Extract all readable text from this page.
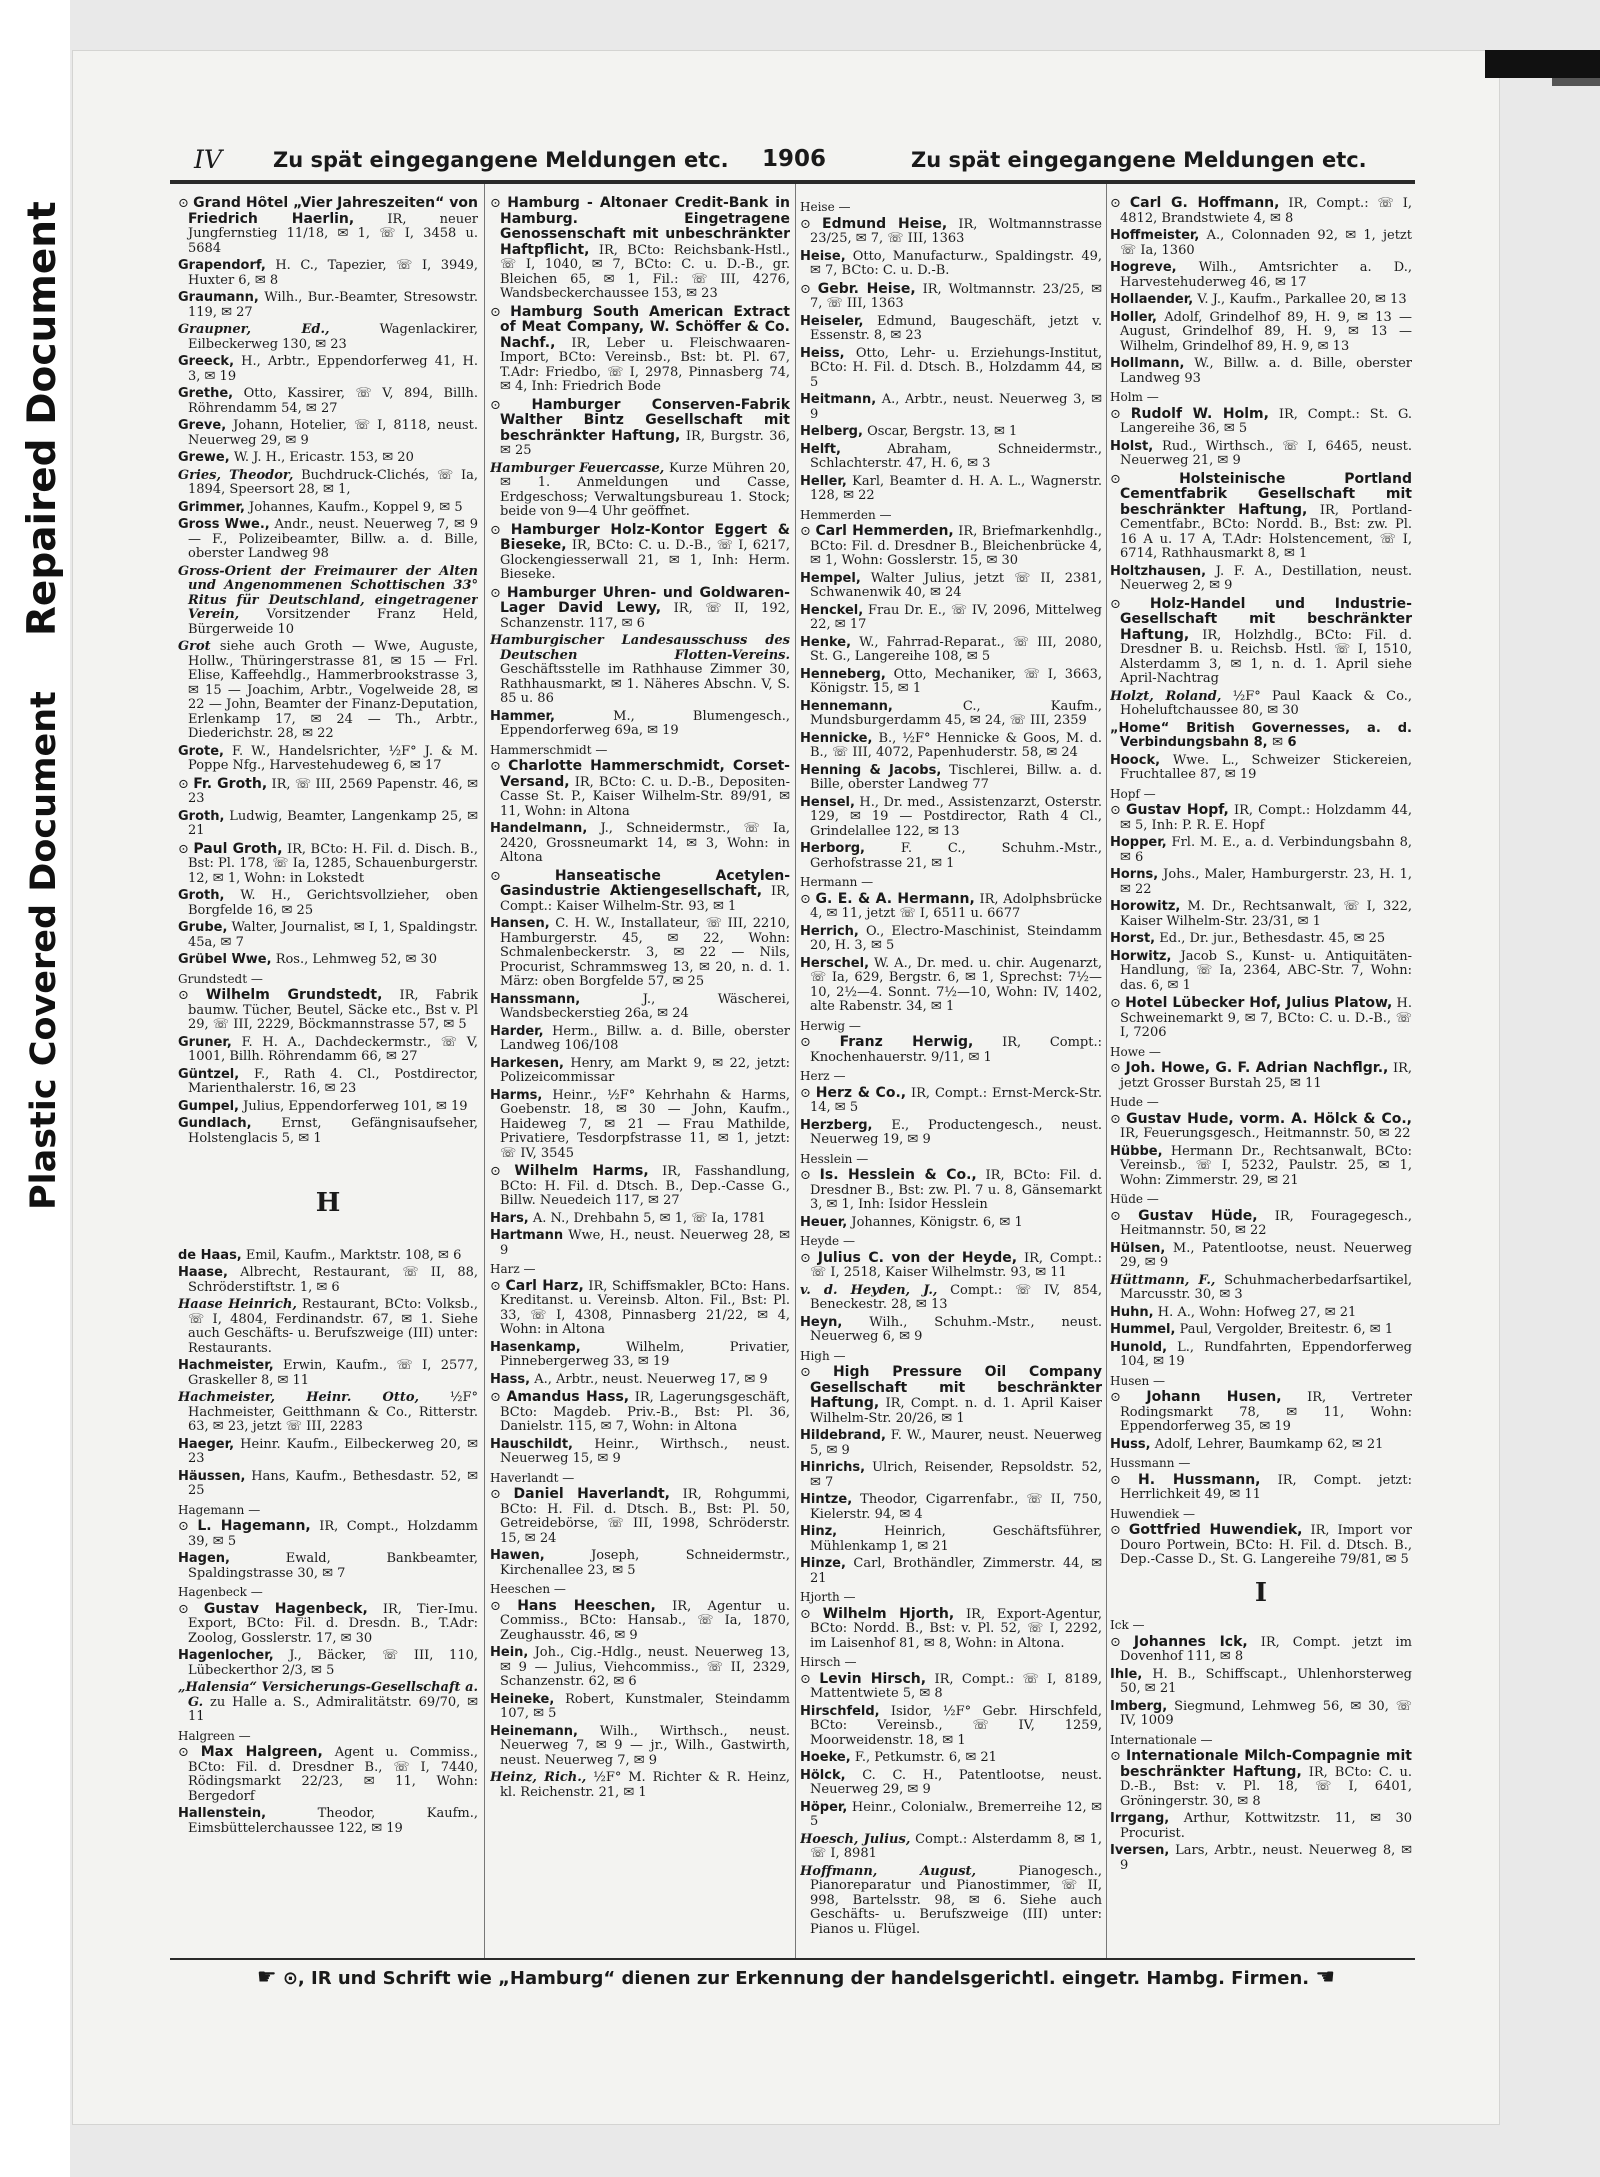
Plastic Covered DocumentRepaired Document
IV Zu spät eingegangene Meldungen etc. 1906	Zu spät eingegangene Meldungen etc.
⊙ Grand Hôtel „Vier Jahreszeiten“ von Friedrich Haerlin,	IR, neuer Jungfernstieg 11/18, ✉ 1, ☏ I, 3458 u. 5684
Grapendorf, H. C., Tapezier, ☏ I, 3949, Huxter 6, ✉ 8
Graumann, Wilh., Bur.-Beamter, Stresowstr. 119, ✉ 27
Graupner, Ed.,	Wagenlackirer, Eilbeckerweg 130, ✉ 23
Greeck, H., Arbtr., Eppendorferweg 41, H. 3, ✉ 19
Grethe, Otto, Kassirer, ☏ V, 894, Billh. Röhrendamm 54, ✉ 27
Greve, Johann, Hotelier, ☏ I, 8118, neust. Neuerweg 29, ✉ 9
Grewe, W. J. H., Ericastr. 153, ✉ 20
Gries, Theodor, Buchdruck-Clichés, ☏ Ia, 1894, Speersort 28, ✉ 1,
Grimmer, Johannes, Kaufm., Koppel 9, ✉ 5
Gross Wwe., Andr., neust. Neuerweg 7, ✉ 9 — F., Polizeibeamter, Billw. a. d. Bille, oberster Landweg 98
Gross-Orient der Freimaurer der Alten und Angenommenen Schottischen 33° Ritus für Deutschland, eingetragener Verein, Vorsitzender Franz Held, Bürgerweide 10
Grot siehe auch Groth — Wwe, Auguste, Hollw., Thüringerstrasse 81, ✉ 15 — Frl. Elise, Kaffeehdlg., Hammerbrookstrasse 3, ✉ 15 — Joachim, Arbtr., Vogelweide 28, ✉ 22 — John, Beamter der Finanz-Deputation, Erlenkamp 17, ✉ 24 — Th., Arbtr., Diederichstr. 28, ✉ 22
Grote, F. W., Handelsrichter, ½F° J. & M. Poppe Nfg., Harvestehudeweg 6, ✉ 17
⊙ Fr. Groth, IR, ☏ III, 2569 Papenstr. 46, ✉ 23
Groth, Ludwig, Beamter, Langenkamp 25, ✉ 21
⊙ Paul Groth, IR, BCto: H. Fil. d. Disch. B., Bst: Pl. 178, ☏ Ia, 1285, Schauenburgerstr. 12, ✉ 1, Wohn: in Lokstedt
Groth, W. H., Gerichtsvollzieher, oben Borgfelde 16, ✉ 25
Grube, Walter, Journalist, ✉ I, 1, Spaldingstr. 45a, ✉ 7
Grübel Wwe, Ros., Lehmweg 52, ✉ 30
Grundstedt —
⊙ Wilhelm Grundstedt, IR, Fabrik baumw. Tücher, Beutel, Säcke etc., Bst v. Pl 29, ☏ III, 2229, Böckmannstrasse 57, ✉ 5
Gruner, F. H. A., Dachdeckermstr., ☏ V, 1001, Billh. Röhrendamm 66, ✉ 27
Güntzel, F., Rath 4. Cl., Postdirector, Marienthalerstr. 16, ✉ 23
Gumpel, Julius, Eppendorferweg 101, ✉ 19
Gundlach, Ernst, Gefängnisaufseher, Holstenglacis 5, ✉ 1
H
de Haas, Emil, Kaufm., Marktstr. 108, ✉ 6
Haase, Albrecht, Restaurant, ☏ II, 88, Schröderstiftstr. 1, ✉ 6
Haase Heinrich, Restaurant, BCto: Volksb., ☏ I, 4804, Ferdinandstr. 67, ✉ 1. Siehe auch Geschäfts- u. Berufszweige (III) unter: Restaurants.
Hachmeister, Erwin, Kaufm., ☏ I, 2577, Graskeller 8, ✉ 11
Hachmeister, Heinr. Otto, ½F° Hachmeister, Geitthmann & Co., Ritterstr. 63, ✉ 23, jetzt ☏ III, 2283
Haeger, Heinr. Kaufm., Eilbeckerweg 20, ✉ 23
Häussen, Hans, Kaufm., Bethesdastr. 52, ✉ 25
Hagemann —
⊙ L. Hagemann, IR, Compt., Holzdamm 39, ✉ 5
Hagen,	Ewald, Bankbeamter, Spaldingstrasse 30, ✉ 7
Hagenbeck —
⊙ Gustav Hagenbeck, IR, Tier-Imu. Export, BCto: Fil. d. Dresdn. B., T.Adr: Zoolog, Gosslerstr. 17, ✉ 30
Hagenlocher, J., Bäcker, ☏ III, 110, Lübeckerthor 2/3, ✉ 5
„Halensia“ Versicherungs-Gesellschaft a. G. zu Halle a. S., Admiralitätstr. 69/70, ✉ 11
Halgreen —
⊙ Max Halgreen, Agent u. Commiss., BCto: Fil. d. Dresdner B., ☏ I, 7440, Rödingsmarkt 22/23, ✉ 11, Wohn: Bergedorf
Hallenstein,	Theodor, Kaufm., Eimsbüttelerchaussee 122, ✉ 19
⊙ Hamburg - Altonaer Credit-Bank in Hamburg. Eingetragene Genossenschaft mit unbeschränkter Haftpflicht, IR, BCto: Reichsbank-Hstl., ☏ I, 1040, ✉ 7, BCto: C. u. D.-B., gr. Bleichen 65, ✉ 1, Fil.: ☏ III, 4276, Wandsbeckerchaussee 153, ✉ 23
⊙ Hamburg South American Extract of Meat Company, W. Schöffer & Co. Nachf., IR, Leber u. Fleischwaaren-Import, BCto: Vereinsb., Bst: bt. Pl. 67, T.Adr: Friedbo, ☏ I, 2978, Pinnasberg 74, ✉ 4, Inh: Friedrich Bode
⊙ Hamburger Conserven-Fabrik Walther Bintz Gesellschaft mit beschränkter Haftung, IR, Burgstr. 36, ✉ 25
Hamburger Feuercasse, Kurze Mühren 20, ✉ 1. Anmeldungen und Casse, Erdgeschoss; Verwaltungsbureau 1. Stock; beide von 9—4 Uhr geöffnet.
⊙ Hamburger Holz-Kontor Eggert & Bieseke, IR, BCto: C. u. D.-B., ☏ I, 6217, Glockengiesserwall 21, ✉ 1, Inh: Herm. Bieseke.
⊙ Hamburger Uhren- und Goldwaren-Lager David Lewy, IR, ☏ II, 192, Schanzenstr. 117, ✉ 6
Hamburgischer Landesausschuss des Deutschen Flotten-Vereins. Geschäftsstelle im Rathhause Zimmer 30, Rathhausmarkt, ✉ 1. Näheres Abschn. V, S. 85 u. 86
Hammer,	M., Blumengesch., Eppendorferweg 69a, ✉ 19
Hammerschmidt —
⊙ Charlotte Hammerschmidt, Corset-Versand, IR, BCto: C. u. D.-B., Depositen-Casse St. P., Kaiser Wilhelm-Str. 89/91, ✉ 11, Wohn: in Altona
Handelmann, J., Schneidermstr., ☏ Ia, 2420, Grossneumarkt 14, ✉ 3, Wohn: in Altona
⊙ Hanseatische Acetylen-Gasindustrie Aktiengesellschaft, IR, Compt.: Kaiser Wilhelm-Str. 93, ✉ 1
Hansen, C. H. W., Installateur, ☏ III, 2210, Hamburgerstr. 45, ✉ 22, Wohn: Schmalenbeckerstr. 3, ✉ 22 — Nils, Procurist, Schrammsweg 13, ✉ 20, n. d. 1. März: oben Borgfelde 57, ✉ 25
Hanssmann,	J., Wäscherei, Wandsbeckerstieg 26a, ✉ 24
Harder, Herm., Billw. a. d. Bille, oberster Landweg 106/108
Harkesen, Henry, am Markt 9, ✉ 22, jetzt: Polizeicommissar
Harms, Heinr., ½F° Kehrhahn & Harms, Goebenstr. 18, ✉ 30 — John, Kaufm., Haideweg 7, ✉ 21 — Frau Mathilde, Privatiere, Tesdorpfstrasse 11, ✉ 1, jetzt: ☏ IV, 3545
⊙ Wilhelm Harms, IR, Fasshandlung, BCto: H. Fil. d. Dtsch. B., Dep.-Casse G., Billw. Neuedeich 117, ✉ 27
Hars, A. N., Drehbahn 5, ✉ 1, ☏ Ia, 1781
Hartmann Wwe, H., neust. Neuerweg 28, ✉ 9
Harz —
⊙ Carl Harz, IR, Schiffsmakler, BCto: Hans. Kreditanst. u. Vereinsb. Alton. Fil., Bst: Pl. 33, ☏ I, 4308, Pinnasberg 21/22, ✉ 4, Wohn: in Altona
Hasenkamp,	Wilhelm, Privatier, Pinnebergerweg 33, ✉ 19
Hass, A., Arbtr., neust. Neuerweg 17, ✉ 9
⊙ Amandus Hass, IR, Lagerungsgeschäft, BCto: Magdeb. Priv.-B., Bst: Pl. 36, Danielstr. 115, ✉ 7, Wohn: in Altona
Hauschildt, Heinr., Wirthsch., neust. Neuerweg 15, ✉ 9
Haverlandt —
⊙ Daniel Haverlandt, IR, Rohgummi, BCto: H. Fil. d. Dtsch. B., Bst: Pl. 50, Getreidebörse, ☏ III, 1998, Schröderstr. 15, ✉ 24
Hawen,	Joseph, Schneidermstr., Kirchenallee 23, ✉ 5
Heeschen —
⊙ Hans Heeschen, IR, Agentur u. Commiss., BCto: Hansab., ☏ Ia, 1870, Zeughausstr. 46, ✉ 9
Hein, Joh., Cig.-Hdlg., neust. Neuerweg 13, ✉ 9 — Julius, Viehcommiss., ☏ II, 2329, Schanzenstr. 62, ✉ 6
Heineke, Robert, Kunstmaler, Steindamm 107, ✉ 5
Heinemann, Wilh., Wirthsch., neust. Neuerweg 7, ✉ 9 — jr., Wilh., Gastwirth, neust. Neuerweg 7, ✉ 9
Heinz, Rich., ½F° M. Richter & R. Heinz, kl. Reichenstr. 21, ✉ 1
Heise —
⊙ Edmund Heise, IR, Woltmannstrasse 23/25, ✉ 7, ☏ III, 1363
Heise, Otto, Manufacturw., Spaldingstr. 49, ✉ 7, BCto: C. u. D.-B.
⊙ Gebr. Heise, IR, Woltmannstr. 23/25, ✉ 7, ☏ III, 1363
Heiseler, Edmund, Baugeschäft, jetzt v. Essenstr. 8, ✉ 23
Heiss, Otto, Lehr- u. Erziehungs-Institut, BCto: H. Fil. d. Dtsch. B., Holzdamm 44, ✉ 5
Heitmann, A., Arbtr., neust. Neuerweg 3, ✉ 9
Helberg, Oscar, Bergstr. 13, ✉ 1
Helft,	Abraham, Schneidermstr., Schlachterstr. 47, H. 6, ✉ 3
Heller, Karl, Beamter d. H. A. L., Wagnerstr. 128, ✉ 22
Hemmerden —
⊙ Carl Hemmerden, IR, Briefmarkenhdlg., BCto: Fil. d. Dresdner B., Bleichenbrücke 4, ✉ 1, Wohn: Gosslerstr. 15, ✉ 30
Hempel, Walter Julius, jetzt ☏ II, 2381, Schwanenwik 40, ✉ 24
Henckel, Frau Dr. E., ☏ IV, 2096, Mittelweg 22, ✉ 17
Henke, W., Fahrrad-Reparat., ☏ III, 2080, St. G., Langereihe 108, ✉ 5
Henneberg, Otto, Mechaniker, ☏ I, 3663, Königstr. 15, ✉ 1
Hennemann,	C., Kaufm., Mundsburgerdamm 45, ✉ 24, ☏ III, 2359
Hennicke, B., ½F° Hennicke & Goos, M. d. B., ☏ III, 4072, Papenhuderstr. 58, ✉ 24
Henning & Jacobs, Tischlerei, Billw. a. d. Bille, oberster Landweg 77
Hensel, H., Dr. med., Assistenzarzt, Osterstr. 129, ✉ 19 — Postdirector, Rath 4 Cl., Grindelallee 122, ✉ 13
Herborg,	F. C., Schuhm.-Mstr., Gerhofstrasse 21, ✉ 1
Hermann —
⊙ G. E. & A. Hermann, IR, Adolphsbrücke 4, ✉ 11, jetzt ☏ I, 6511 u. 6677
Herrich, O., Electro-Maschinist, Steindamm 20, H. 3, ✉ 5
Herschel, W. A., Dr. med. u. chir. Augenarzt, ☏ Ia, 629, Bergstr. 6, ✉ 1, Sprechst: 7½—10, 2½—4. Sonnt. 7½—10, Wohn: IV, 1402, alte Rabenstr. 34, ✉ 1
Herwig —
⊙ Franz Herwig, IR, Compt.: Knochenhauerstr. 9/11, ✉ 1
Herz —
⊙ Herz & Co., IR, Compt.: Ernst-Merck-Str. 14, ✉ 5
Herzberg, E., Productengesch., neust. Neuerweg 19, ✉ 9
Hesslein —
⊙ Is. Hesslein & Co., IR, BCto: Fil. d. Dresdner B., Bst: zw. Pl. 7 u. 8, Gänsemarkt 3, ✉ 1, Inh: Isidor Hesslein
Heuer, Johannes, Königstr. 6, ✉ 1
Heyde —
⊙ Julius C. von der Heyde, IR, Compt.: ☏ I, 2518, Kaiser Wilhelmstr. 93, ✉ 11
v. d. Heyden, J., Compt.: ☏ IV, 854, Beneckestr. 28, ✉ 13
Heyn, Wilh., Schuhm.-Mstr., neust. Neuerweg 6, ✉ 9
High —
⊙ High Pressure Oil Company Gesellschaft mit beschränkter Haftung, IR, Compt. n. d. 1. April Kaiser Wilhelm-Str. 20/26, ✉ 1
Hildebrand, F. W., Maurer, neust. Neuerweg 5, ✉ 9
Hinrichs, Ulrich, Reisender, Repsoldstr. 52, ✉ 7
Hintze, Theodor, Cigarrenfabr., ☏ II, 750, Kielerstr. 94, ✉ 4
Hinz,	Heinrich, Geschäftsführer, Mühlenkamp 1, ✉ 21
Hinze, Carl, Brothändler, Zimmerstr. 44, ✉ 21
Hjorth —
⊙ Wilhelm Hjorth, IR, Export-Agentur, BCto: Nordd. B., Bst: v. Pl. 52, ☏ I, 2292, im Laisenhof 81, ✉ 8, Wohn: in Altona.
Hirsch —
⊙ Levin Hirsch, IR, Compt.: ☏ I, 8189, Mattentwiete 5, ✉ 8
Hirschfeld, Isidor, ½F° Gebr. Hirschfeld, BCto: Vereinsb., ☏ IV, 1259, Moorweidenstr. 18, ✉ 1
Hoeke, F., Petkumstr. 6, ✉ 21
Hölck, C. C. H., Patentlootse, neust. Neuerweg 29, ✉ 9
Höper, Heinr., Colonialw., Bremerreihe 12, ✉ 5
Hoesch, Julius, Compt.: Alsterdamm 8, ✉ 1, ☏ I, 8981
Hoffmann, August,	Pianogesch., Pianoreparatur und Pianostimmer, ☏ II, 998, Bartelsstr. 98, ✉ 6. Siehe auch Geschäfts- u. Berufszweige (III) unter: Pianos u. Flügel.
⊙ Carl G. Hoffmann, IR, Compt.: ☏ I, 4812, Brandstwiete 4, ✉ 8
Hoffmeister, A., Colonnaden 92, ✉ 1, jetzt ☏ Ia, 1360
Hogreve, Wilh., Amtsrichter a. D., Harvestehuderweg 46, ✉ 17
Hollaender, V. J., Kaufm., Parkallee 20, ✉ 13
Holler, Adolf, Grindelhof 89, H. 9, ✉ 13 — August, Grindelhof 89, H. 9, ✉ 13 — Wilhelm, Grindelhof 89, H. 9, ✉ 13
Hollmann, W., Billw. a. d. Bille, oberster Landweg 93
Holm —
⊙ Rudolf W. Holm, IR, Compt.: St. G. Langereihe 36, ✉ 5
Holst, Rud., Wirthsch., ☏ I, 6465, neust. Neuerweg 21, ✉ 9
⊙ Holsteinische Portland Cementfabrik Gesellschaft mit beschränkter Haftung, IR, Portland-Cementfabr., BCto: Nordd. B., Bst: zw. Pl. 16 A u. 17 A, T.Adr: Holstencement, ☏ I, 6714, Rathhausmarkt 8, ✉ 1
Holtzhausen, J. F. A., Destillation, neust. Neuerweg 2, ✉ 9
⊙ Holz-Handel und Industrie-Gesellschaft mit beschränkter Haftung, IR, Holzhdlg., BCto: Fil. d. Dresdner B. u. Reichsb. Hstl. ☏ I, 1510, Alsterdamm 3, ✉ 1, n. d. 1. April siehe April-Nachtrag
Holzt, Roland, ½F° Paul Kaack & Co., Hoheluftchaussee 80, ✉ 30
„Home“ British Governesses, a. d. Verbindungsbahn 8, ✉ 6
Hoock, Wwe. L., Schweizer Stickereien, Fruchtallee 87, ✉ 19
Hopf —
⊙ Gustav Hopf, IR, Compt.: Holzdamm 44, ✉ 5, Inh: P. R. E. Hopf
Hopper, Frl. M. E., a. d. Verbindungsbahn 8, ✉ 6
Horns, Johs., Maler, Hamburgerstr. 23, H. 1, ✉ 22
Horowitz, M. Dr., Rechtsanwalt, ☏ I, 322, Kaiser Wilhelm-Str. 23/31, ✉ 1
Horst, Ed., Dr. jur., Bethesdastr. 45, ✉ 25
Horwitz, Jacob S., Kunst- u. Antiquitäten-Handlung, ☏ Ia, 2364, ABC-Str. 7, Wohn: das. 6, ✉ 1
⊙ Hotel Lübecker Hof, Julius Platow, H. Schweinemarkt 9, ✉ 7, BCto: C. u. D.-B., ☏ I, 7206
Howe —
⊙ Joh. Howe, G. F. Adrian Nachflgr., IR, jetzt Grosser Burstah 25, ✉ 11
Hude —
⊙ Gustav Hude, vorm. A. Hölck & Co., IR, Feuerungsgesch., Heitmannstr. 50, ✉ 22
Hübbe, Hermann Dr., Rechtsanwalt, BCto: Vereinsb., ☏ I, 5232, Paulstr. 25, ✉ 1, Wohn: Zimmerstr. 29, ✉ 21
Hüde —
⊙ Gustav Hüde, IR, Fouragegesch., Heitmannstr. 50, ✉ 22
Hülsen, M., Patentlootse, neust. Neuerweg 29, ✉ 9
Hüttmann, F., Schuhmacherbedarfsartikel, Marcusstr. 30, ✉ 3
Huhn, H. A., Wohn: Hofweg 27, ✉ 21
Hummel, Paul, Vergolder, Breitestr. 6, ✉ 1
Hunold, L., Rundfahrten, Eppendorferweg 104, ✉ 19
Husen —
⊙ Johann Husen, IR, Vertreter Rodingsmarkt 78, ✉ 11, Wohn: Eppendorferweg 35, ✉ 19
Huss, Adolf, Lehrer, Baumkamp 62, ✉ 21
Hussmann —
⊙ H. Hussmann, IR, Compt. jetzt: Herrlichkeit 49, ✉ 11
Huwendiek —
⊙ Gottfried Huwendiek, IR, Import vor Douro Portwein, BCto: H. Fil. d. Dtsch. B., Dep.-Casse D., St. G. Langereihe 79/81, ✉ 5
I
Ick —
⊙ Johannes Ick, IR, Compt. jetzt im Dovenhof 111, ✉ 8
Ihle, H. B., Schiffscapt., Uhlenhorsterweg 50, ✉ 21
Imberg, Siegmund, Lehmweg 56, ✉ 30, ☏ IV, 1009
Internationale —
⊙ Internationale Milch-Compagnie mit beschränkter Haftung, IR, BCto: C. u. D.-B., Bst: v. Pl. 18, ☏ I, 6401, Gröningerstr. 30, ✉ 8
Irrgang, Arthur, Kottwitzstr. 11, ✉ 30 Procurist.
Iversen, Lars, Arbtr., neust. Neuerweg 8, ✉ 9
☛ ⊙, IR und Schrift wie „Hamburg“ dienen zur Erkennung der handelsgerichtl. eingetr. Hambg. Firmen. ☚
